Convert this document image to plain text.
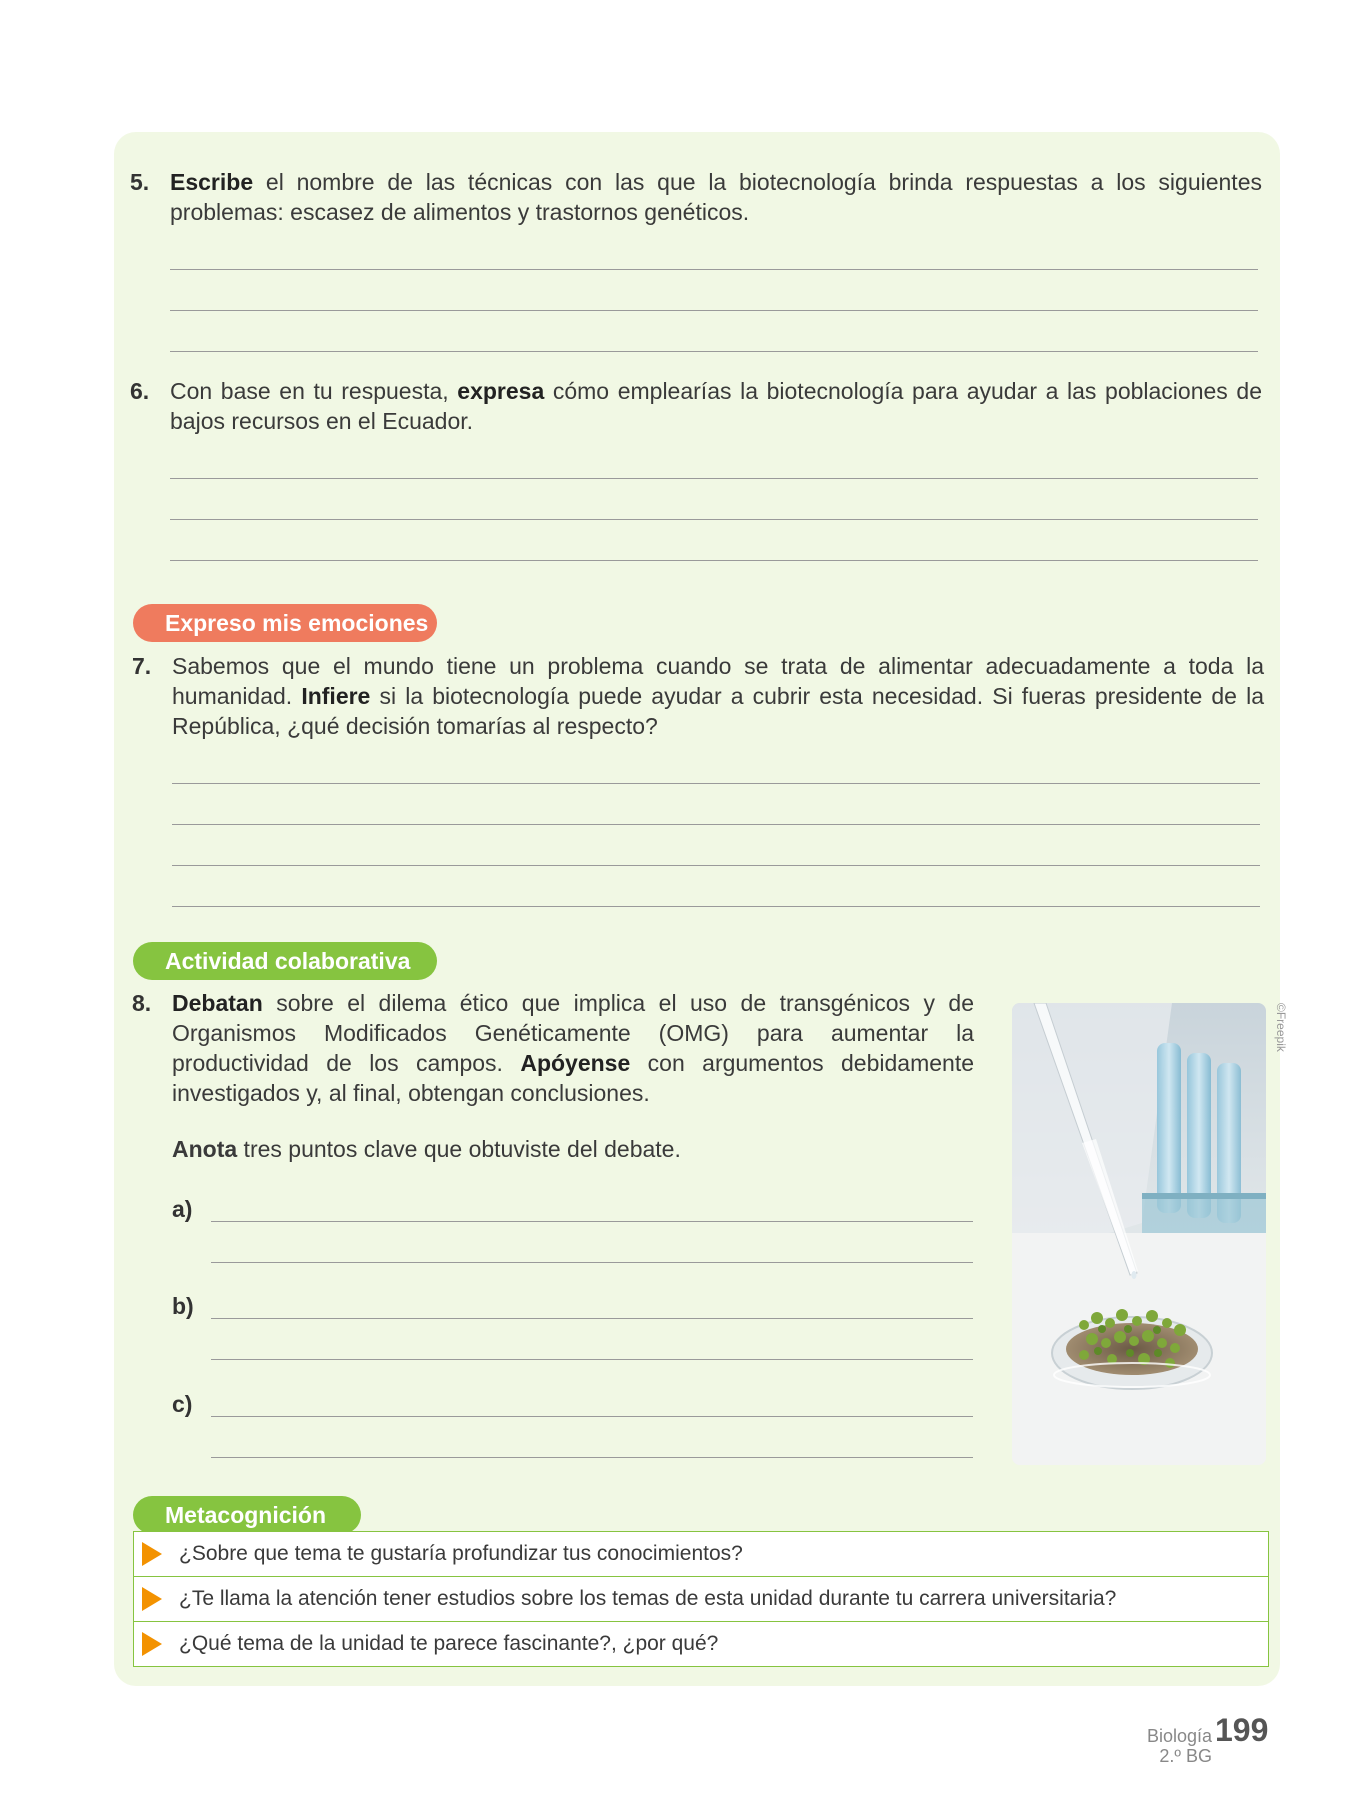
5. Escribe el nombre de las técnicas con las que la biotecnología brinda respuestas a los siguientes problemas: escasez de alimentos y trastornos genéticos.
6. Con base en tu respuesta, expresa cómo emplearías la biotecnología para ayudar a las poblaciones de bajos recursos en el Ecuador.
Expreso mis emociones
7. Sabemos que el mundo tiene un problema cuando se trata de alimentar adecuadamente a toda la humanidad. Infiere si la biotecnología puede ayudar a cubrir esta necesidad. Si fueras presidente de la República, ¿qué decisión tomarías al respecto?
Actividad colaborativa
8. Debatan sobre el dilema ético que implica el uso de transgénicos y de Organismos Modificados Genéticamente (OMG) para aumentar la productividad de los campos. Apóyense con argumentos debidamente investigados y, al final, obtengan conclusiones.
Anota tres puntos clave que obtuviste del debate.
a)
b)
c)
©Freepik
Metacognición
¿Sobre que tema te gustaría profundizar tus conocimientos?
¿Te llama la atención tener estudios sobre los temas de esta unidad durante tu carrera universitaria?
¿Qué tema de la unidad te parece fascinante?, ¿por qué?
Biología
2.º BG
199
